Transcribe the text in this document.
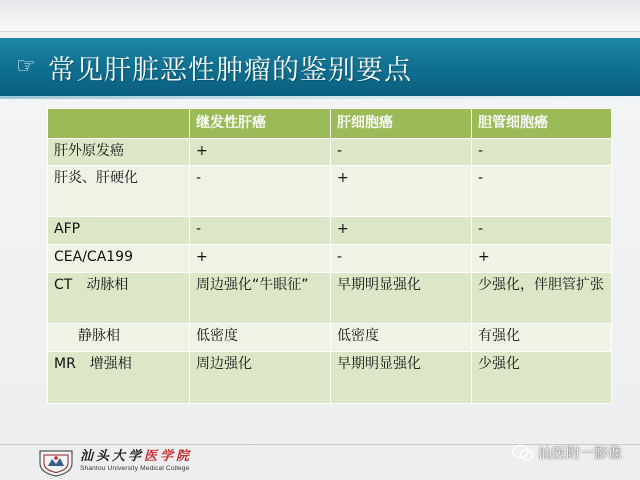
☞ 常见肝脏恶性肿瘤的鉴别要点
	继发性肝癌	肝细胞癌	胆管细胞癌
肝外原发癌	+	-	-
肝炎、肝硬化	-	+	-
AFP	-	+	-
CEA/CA199	+	-	+
CT　动脉相	周边强化“牛眼征”	早期明显强化	少强化，伴胆管扩张
静脉相	低密度	低密度	有强化
MR　增强相	周边强化	早期明显强化	少强化
汕头大学医学院
Shantou University Medical College
汕医附一影像
